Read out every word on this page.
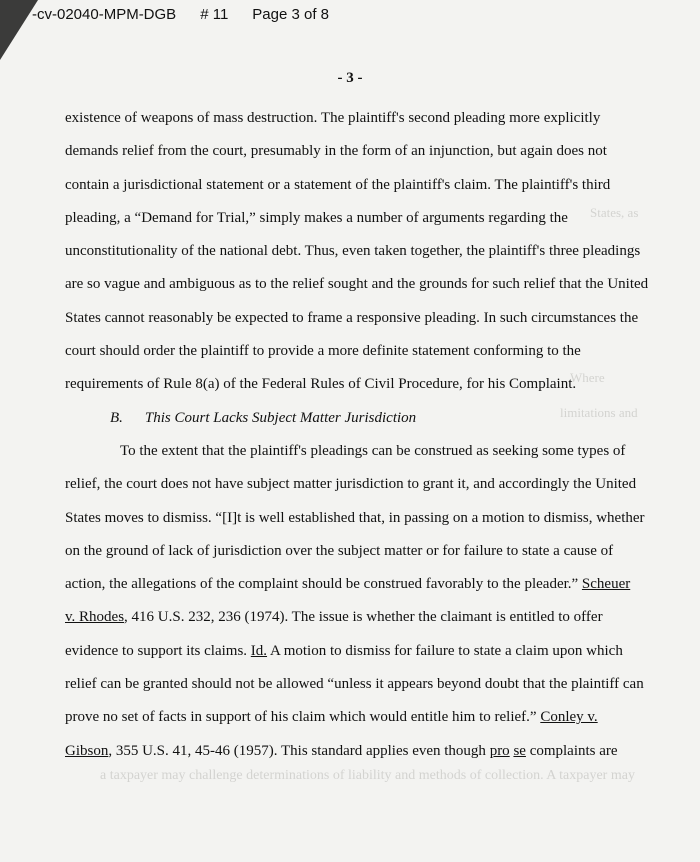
-cv-02040-MPM-DGB # 11 Page 3 of 8
- 3 -
Where
limitations and
States, as
a taxpayer may challenge determinations of liability and methods of collection. A taxpayer may
existence of weapons of mass destruction. The plaintiff's second pleading more explicitly
demands relief from the court, presumably in the form of an injunction, but again does not
contain a jurisdictional statement or a statement of the plaintiff's claim. The plaintiff's third
pleading, a “Demand for Trial,” simply makes a number of arguments regarding the
unconstitutionality of the national debt. Thus, even taken together, the plaintiff's three pleadings
are so vague and ambiguous as to the relief sought and the grounds for such relief that the United
States cannot reasonably be expected to frame a responsive pleading. In such circumstances the
court should order the plaintiff to provide a more definite statement conforming to the
requirements of Rule 8(a) of the Federal Rules of Civil Procedure, for his Complaint.
B. This Court Lacks Subject Matter Jurisdiction
To the extent that the plaintiff's pleadings can be construed as seeking some types of
relief, the court does not have subject matter jurisdiction to grant it, and accordingly the United
States moves to dismiss. “[I]t is well established that, in passing on a motion to dismiss, whether
on the ground of lack of jurisdiction over the subject matter or for failure to state a cause of
action, the allegations of the complaint should be construed favorably to the pleader.” Scheuer
v. Rhodes, 416 U.S. 232, 236 (1974). The issue is whether the claimant is entitled to offer
evidence to support its claims. Id. A motion to dismiss for failure to state a claim upon which
relief can be granted should not be allowed “unless it appears beyond doubt that the plaintiff can
prove no set of facts in support of his claim which would entitle him to relief.” Conley v.
Gibson, 355 U.S. 41, 45-46 (1957). This standard applies even though pro se complaints are
